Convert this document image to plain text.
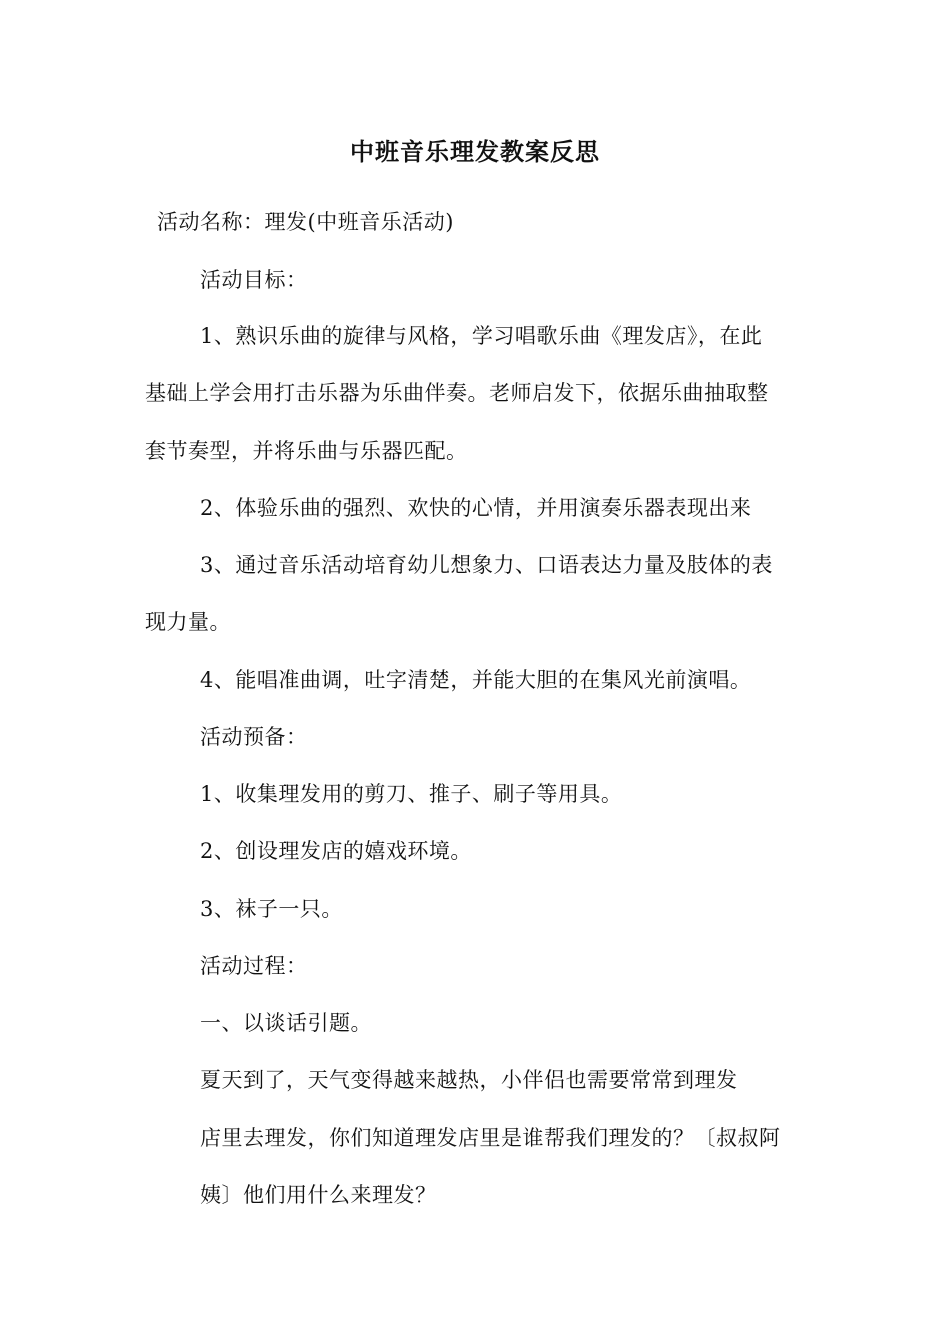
中班音乐理发教案反思
活动名称：理发(中班音乐活动)
活动目标：
1、熟识乐曲的旋律与风格，学习唱歌乐曲《理发店》，在此
基础上学会用打击乐器为乐曲伴奏。老师启发下，依据乐曲抽取整
套节奏型，并将乐曲与乐器匹配。
2、体验乐曲的强烈、欢快的心情，并用演奏乐器表现出来
3、通过音乐活动培育幼儿想象力、口语表达力量及肢体的表
现力量。
4、能唱准曲调，吐字清楚，并能大胆的在集风光前演唱。
活动预备：
1、收集理发用的剪刀、推子、刷子等用具。
2、创设理发店的嬉戏环境。
3、袜子一只。
活动过程：
一、以谈话引题。
夏天到了，天气变得越来越热，小伴侣也需要常常到理发
店里去理发，你们知道理发店里是谁帮我们理发的？〔叔叔阿
姨〕他们用什么来理发？
